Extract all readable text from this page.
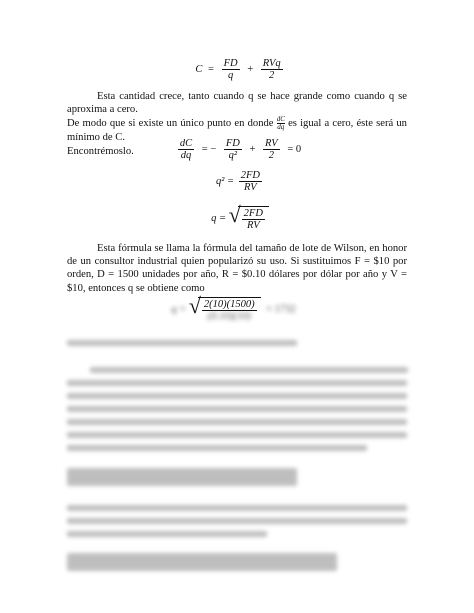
$C = \frac{FD}{q} + \frac{\text{RVq}}{2}$
Esta cantidad crece, tanto cuando q se hace grande como cuando q se aproxima a cero.
De modo que si existe un único punto en donde $\frac{dC}{dq}$ es igual a cero, éste será un mínimo de C.
Encontrémoslo.	$\frac{dC}{dq}$ = − $\frac{FD}{\text{q²}} + \frac{RV}{2} = 0$
$q^2 = \frac{2FD}{RV}$
q = √ $\frac{2FD}{RV}$
Esta fórmula se llama la fórmula del tamaño de lote de Wilson, en honor de un consultor industrial quien popularizó su uso. Si sustituimos F = $10 por orden, D = 1500 unidades por año, R = $0.10 dólares por dólar por año y V = $10, entonces q se obtiene como
q = √ $\frac{2(10)(1500)}{(0.10)(10)} = 1732$
